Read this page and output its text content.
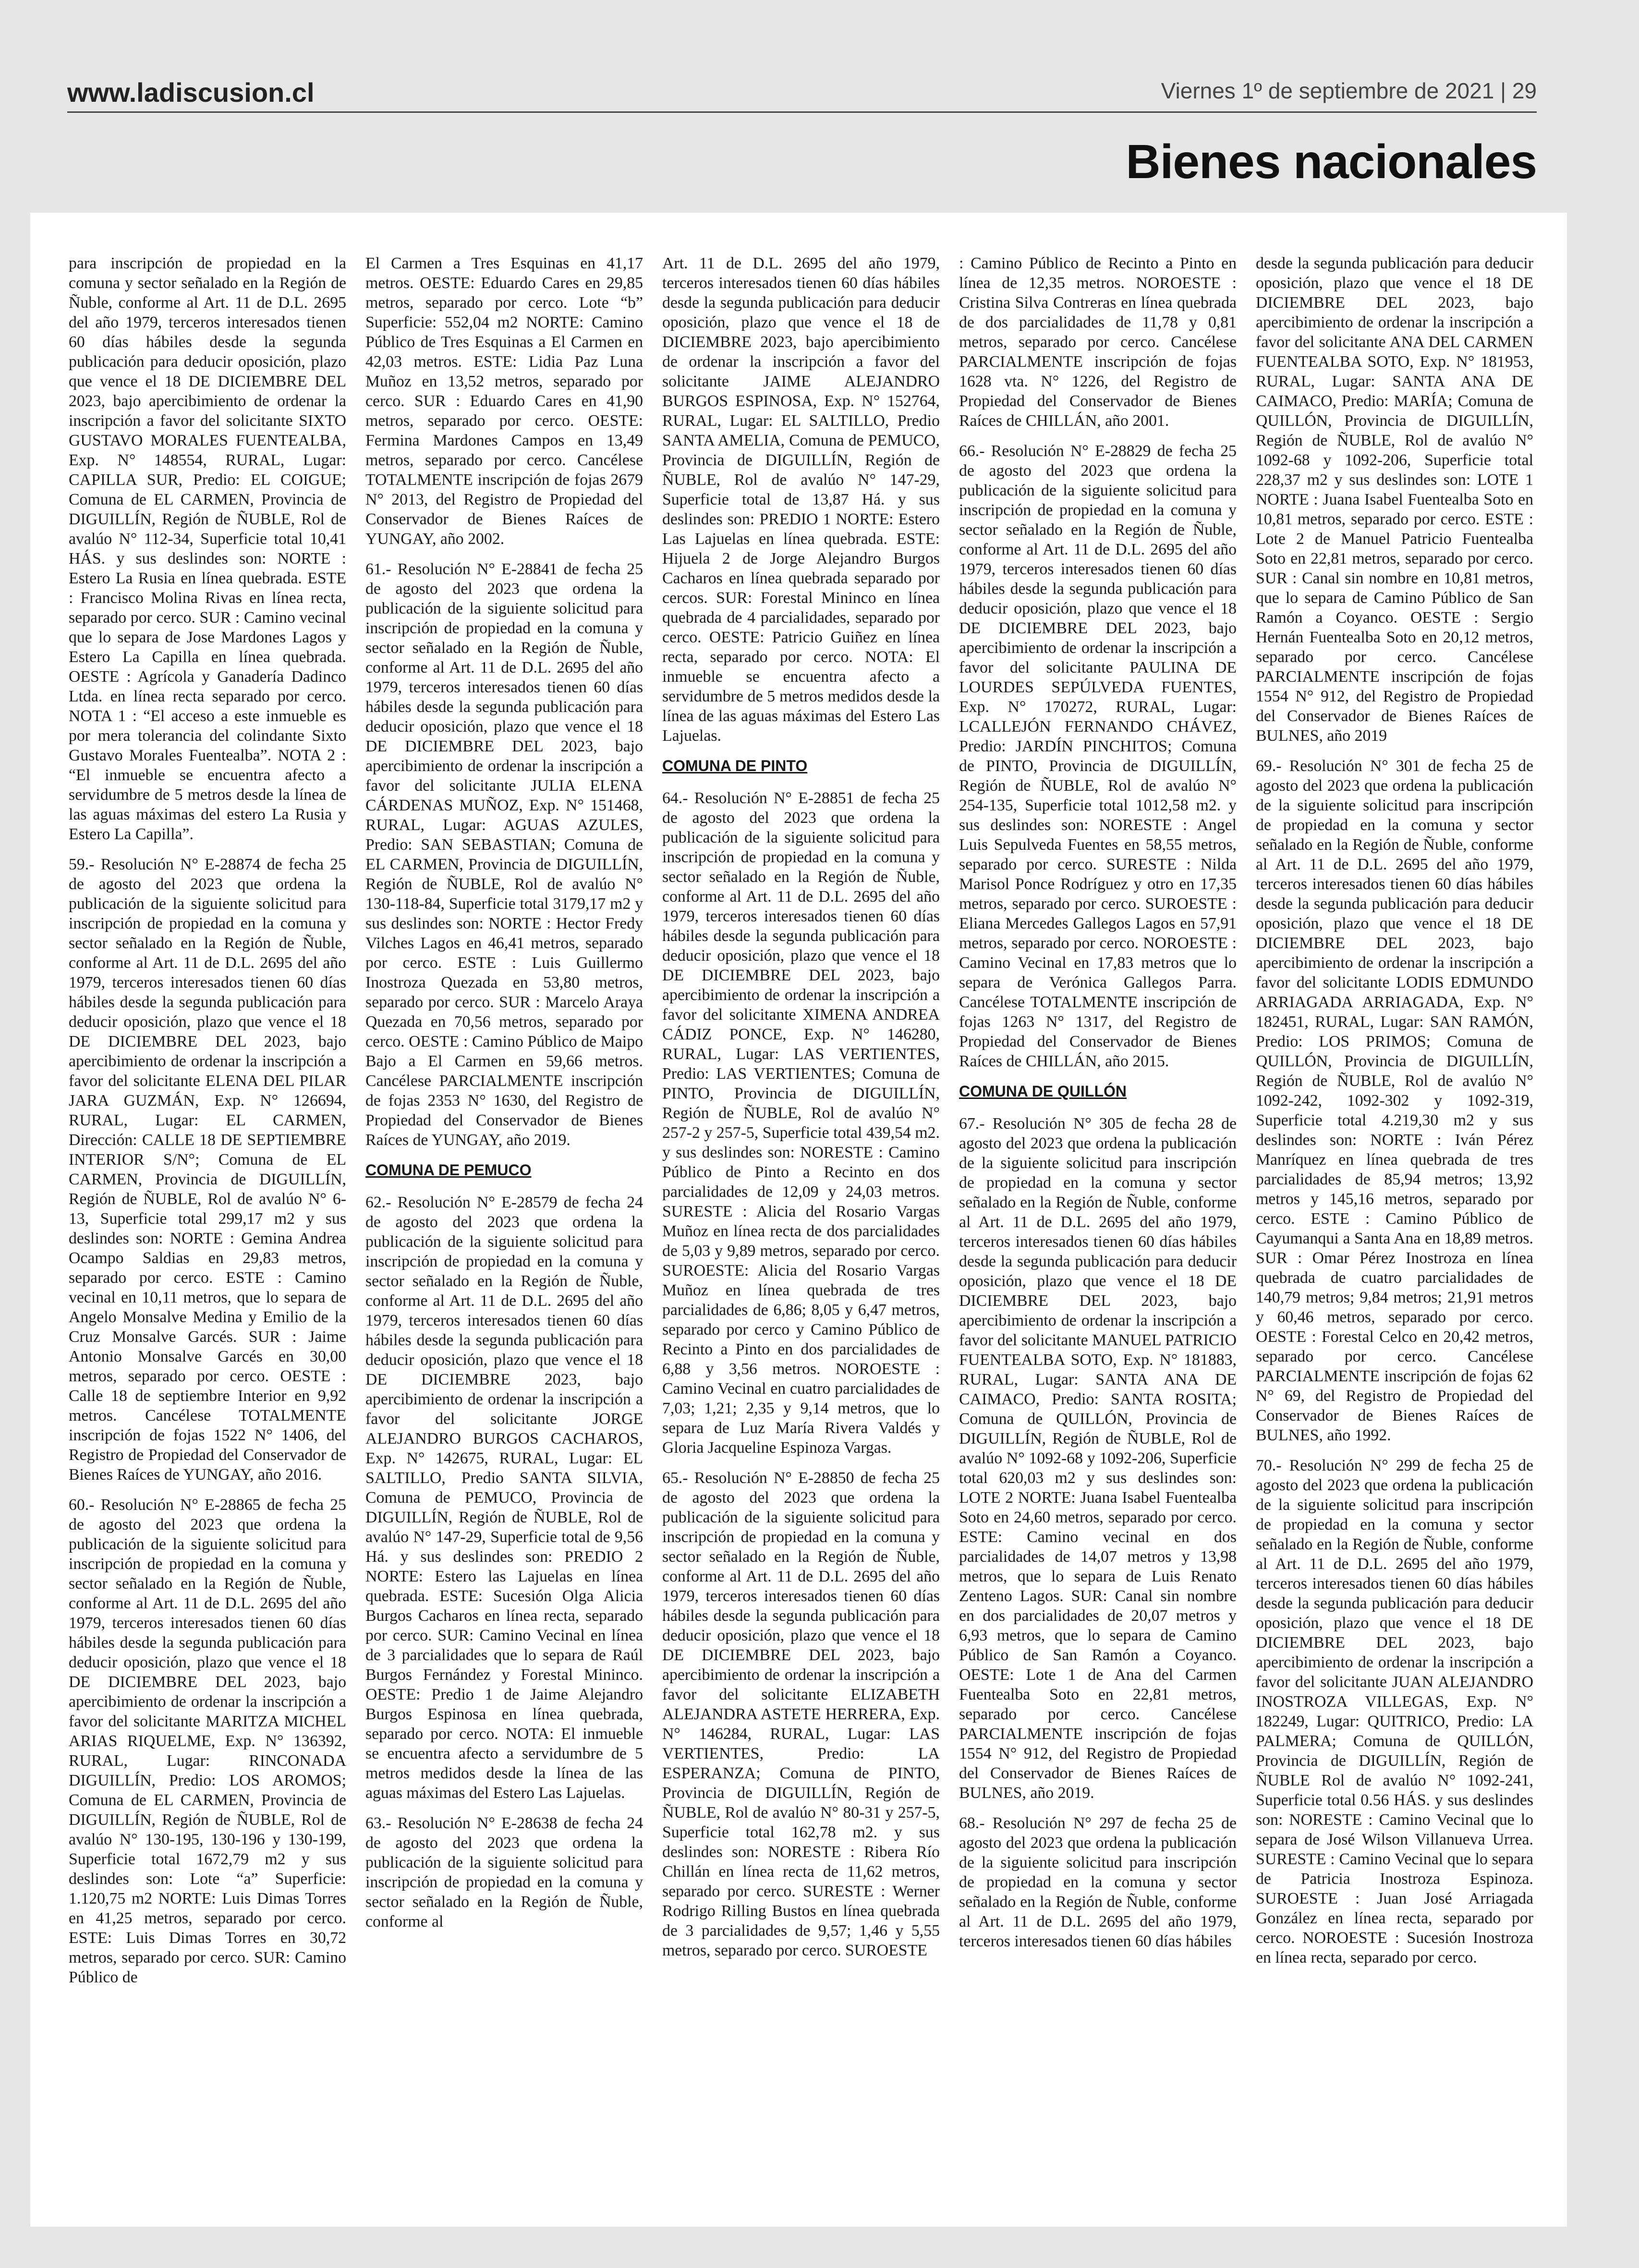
www.ladiscusion.cl	Viernes 1º de septiembre de 2021 | 29
Bienes nacionales

para inscripción de propiedad en la comuna y sector señalado en la Región de Ñuble, conforme al Art. 11 de D.L. 2695 del año 1979, terceros interesados tienen 60 días hábiles desde la segunda publicación para deducir oposición, plazo que vence el 18 DE DICIEMBRE DEL 2023, bajo apercibimiento de ordenar la inscripción a favor del solicitante SIXTO GUSTAVO MORALES FUENTEALBA, Exp. N° 148554, RURAL, Lugar: CAPILLA SUR, Predio: EL COIGUE; Comuna de EL CARMEN, Provincia de DIGUILLÍN, Región de ÑUBLE, Rol de avalúo N° 112-34, Superficie total 10,41 HÁS. y sus deslindes son: NORTE : Estero La Rusia en línea quebrada. ESTE : Francisco Molina Rivas en línea recta, separado por cerco. SUR : Camino vecinal que lo separa de Jose Mardones Lagos y Estero La Capilla en línea quebrada. OESTE : Agrícola y Ganadería Dadinco Ltda. en línea recta separado por cerco. NOTA 1 : “El acceso a este inmueble es por mera tolerancia del colindante Sixto Gustavo Morales Fuentealba”. NOTA 2 : “El inmueble se encuentra afecto a servidumbre de 5 metros desde la línea de las aguas máximas del estero La Rusia y Estero La Capilla”.

59.- Resolución N° E-28874 de fecha 25 de agosto del 2023 que ordena la publicación de la siguiente solicitud para inscripción de propiedad en la comuna y sector señalado en la Región de Ñuble, conforme al Art. 11 de D.L. 2695 del año 1979, terceros interesados tienen 60 días hábiles desde la segunda publicación para deducir oposición, plazo que vence el 18 DE DICIEMBRE DEL 2023, bajo apercibimiento de ordenar la inscripción a favor del solicitante ELENA DEL PILAR JARA GUZMÁN, Exp. N° 126694, RURAL, Lugar: EL CARMEN, Dirección: CALLE 18 DE SEPTIEMBRE INTERIOR S/N°; Comuna de EL CARMEN, Provincia de DIGUILLÍN, Región de ÑUBLE, Rol de avalúo N° 6-13, Superficie total 299,17 m2 y sus deslindes son: NORTE : Gemina Andrea Ocampo Saldias en 29,83 metros, separado por cerco. ESTE : Camino vecinal en 10,11 metros, que lo separa de Angelo Monsalve Medina y Emilio de la Cruz Monsalve Garcés. SUR : Jaime Antonio Monsalve Garcés en 30,00 metros, separado por cerco. OESTE : Calle 18 de septiembre Interior en 9,92 metros. Cancélese TOTALMENTE inscripción de fojas 1522 N° 1406, del Registro de Propiedad del Conservador de Bienes Raíces de YUNGAY, año 2016.

60.- Resolución N° E-28865 de fecha 25 de agosto del 2023 que ordena la publicación de la siguiente solicitud para inscripción de propiedad en la comuna y sector señalado en la Región de Ñuble, conforme al Art. 11 de D.L. 2695 del año 1979, terceros interesados tienen 60 días hábiles desde la segunda publicación para deducir oposición, plazo que vence el 18 DE DICIEMBRE DEL 2023, bajo apercibimiento de ordenar la inscripción a favor del solicitante MARITZA MICHEL ARIAS RIQUELME, Exp. N° 136392, RURAL, Lugar: RINCONADA DIGUILLÍN, Predio: LOS AROMOS; Comuna de EL CARMEN, Provincia de DIGUILLÍN, Región de ÑUBLE, Rol de avalúo N° 130-195, 130-196 y 130-199, Superficie total 1672,79 m2 y sus deslindes son: Lote “a” Superficie: 1.120,75 m2 NORTE: Luis Dimas Torres en 41,25 metros, separado por cerco. ESTE: Luis Dimas Torres en 30,72 metros, separado por cerco. SUR: Camino Público de

El Carmen a Tres Esquinas en 41,17 metros. OESTE: Eduardo Cares en 29,85 metros, separado por cerco. Lote “b” Superficie: 552,04 m2 NORTE: Camino Público de Tres Esquinas a El Carmen en 42,03 metros. ESTE: Lidia Paz Luna Muñoz en 13,52 metros, separado por cerco. SUR : Eduardo Cares en 41,90 metros, separado por cerco. OESTE: Fermina Mardones Campos en 13,49 metros, separado por cerco. Cancélese TOTALMENTE inscripción de fojas 2679 N° 2013, del Registro de Propiedad del Conservador de Bienes Raíces de YUNGAY, año 2002.

61.- Resolución N° E-28841 de fecha 25 de agosto del 2023 que ordena la publicación de la siguiente solicitud para inscripción de propiedad en la comuna y sector señalado en la Región de Ñuble, conforme al Art. 11 de D.L. 2695 del año 1979, terceros interesados tienen 60 días hábiles desde la segunda publicación para deducir oposición, plazo que vence el 18 DE DICIEMBRE DEL 2023, bajo apercibimiento de ordenar la inscripción a favor del solicitante JULIA ELENA CÁRDENAS MUÑOZ, Exp. N° 151468, RURAL, Lugar: AGUAS AZULES, Predio: SAN SEBASTIAN; Comuna de EL CARMEN, Provincia de DIGUILLÍN, Región de ÑUBLE, Rol de avalúo N° 130-118-84, Superficie total 3179,17 m2 y sus deslindes son: NORTE : Hector Fredy Vilches Lagos en 46,41 metros, separado por cerco. ESTE : Luis Guillermo Inostroza Quezada en 53,80 metros, separado por cerco. SUR : Marcelo Araya Quezada en 70,56 metros, separado por cerco. OESTE : Camino Público de Maipo Bajo a El Carmen en 59,66 metros. Cancélese PARCIALMENTE inscripción de fojas 2353 N° 1630, del Registro de Propiedad del Conservador de Bienes Raíces de YUNGAY, año 2019.

COMUNA DE PEMUCO

62.- Resolución N° E-28579 de fecha 24 de agosto del 2023 que ordena la publicación de la siguiente solicitud para inscripción de propiedad en la comuna y sector señalado en la Región de Ñuble, conforme al Art. 11 de D.L. 2695 del año 1979, terceros interesados tienen 60 días hábiles desde la segunda publicación para deducir oposición, plazo que vence el 18 DE DICIEMBRE 2023, bajo apercibimiento de ordenar la inscripción a favor del solicitante JORGE ALEJANDRO BURGOS CACHAROS, Exp. N° 142675, RURAL, Lugar: EL SALTILLO, Predio SANTA SILVIA, Comuna de PEMUCO, Provincia de DIGUILLÍN, Región de ÑUBLE, Rol de avalúo N° 147-29, Superficie total de 9,56 Há. y sus deslindes son: PREDIO 2 NORTE: Estero las Lajuelas en línea quebrada. ESTE: Sucesión Olga Alicia Burgos Cacharos en línea recta, separado por cerco. SUR: Camino Vecinal en línea de 3 parcialidades que lo separa de Raúl Burgos Fernández y Forestal Mininco. OESTE: Predio 1 de Jaime Alejandro Burgos Espinosa en línea quebrada, separado por cerco. NOTA: El inmueble se encuentra afecto a servidumbre de 5 metros medidos desde la línea de las aguas máximas del Estero Las Lajuelas.

63.- Resolución N° E-28638 de fecha 24 de agosto del 2023 que ordena la publicación de la siguiente solicitud para inscripción de propiedad en la comuna y sector señalado en la Región de Ñuble, conforme al

Art. 11 de D.L. 2695 del año 1979, terceros interesados tienen 60 días hábiles desde la segunda publicación para deducir oposición, plazo que vence el 18 de DICIEMBRE 2023, bajo apercibimiento de ordenar la inscripción a favor del solicitante JAIME ALEJANDRO BURGOS ESPINOSA, Exp. N° 152764, RURAL, Lugar: EL SALTILLO, Predio SANTA AMELIA, Comuna de PEMUCO, Provincia de DIGUILLÍN, Región de ÑUBLE, Rol de avalúo N° 147-29, Superficie total de 13,87 Há. y sus deslindes son: PREDIO 1 NORTE: Estero Las Lajuelas en línea quebrada. ESTE: Hijuela 2 de Jorge Alejandro Burgos Cacharos en línea quebrada separado por cercos. SUR: Forestal Mininco en línea quebrada de 4 parcialidades, separado por cerco. OESTE: Patricio Guiñez en línea recta, separado por cerco. NOTA: El inmueble se encuentra afecto a servidumbre de 5 metros medidos desde la línea de las aguas máximas del Estero Las Lajuelas.

COMUNA DE PINTO

64.- Resolución N° E-28851 de fecha 25 de agosto del 2023 que ordena la publicación de la siguiente solicitud para inscripción de propiedad en la comuna y sector señalado en la Región de Ñuble, conforme al Art. 11 de D.L. 2695 del año 1979, terceros interesados tienen 60 días hábiles desde la segunda publicación para deducir oposición, plazo que vence el 18 DE DICIEMBRE DEL 2023, bajo apercibimiento de ordenar la inscripción a favor del solicitante XIMENA ANDREA CÁDIZ PONCE, Exp. N° 146280, RURAL, Lugar: LAS VERTIENTES, Predio: LAS VERTIENTES; Comuna de PINTO, Provincia de DIGUILLÍN, Región de ÑUBLE, Rol de avalúo N° 257-2 y 257-5, Superficie total 439,54 m2. y sus deslindes son: NORESTE : Camino Público de Pinto a Recinto en dos parcialidades de 12,09 y 24,03 metros. SURESTE : Alicia del Rosario Vargas Muñoz en línea recta de dos parcialidades de 5,03 y 9,89 metros, separado por cerco. SUROESTE: Alicia del Rosario Vargas Muñoz en línea quebrada de tres parcialidades de 6,86; 8,05 y 6,47 metros, separado por cerco y Camino Público de Recinto a Pinto en dos parcialidades de 6,88 y 3,56 metros. NOROESTE : Camino Vecinal en cuatro parcialidades de 7,03; 1,21; 2,35 y 9,14 metros, que lo separa de Luz María Rivera Valdés y Gloria Jacqueline Espinoza Vargas.

65.- Resolución N° E-28850 de fecha 25 de agosto del 2023 que ordena la publicación de la siguiente solicitud para inscripción de propiedad en la comuna y sector señalado en la Región de Ñuble, conforme al Art. 11 de D.L. 2695 del año 1979, terceros interesados tienen 60 días hábiles desde la segunda publicación para deducir oposición, plazo que vence el 18 DE DICIEMBRE DEL 2023, bajo apercibimiento de ordenar la inscripción a favor del solicitante ELIZABETH ALEJANDRA ASTETE HERRERA, Exp. N° 146284, RURAL, Lugar: LAS VERTIENTES, Predio: LA ESPERANZA; Comuna de PINTO, Provincia de DIGUILLÍN, Región de ÑUBLE, Rol de avalúo N° 80-31 y 257-5, Superficie total 162,78 m2. y sus deslindes son: NORESTE : Ribera Río Chillán en línea recta de 11,62 metros, separado por cerco. SURESTE : Werner Rodrigo Rilling Bustos en línea quebrada de 3 parcialidades de 9,57; 1,46 y 5,55 metros, separado por cerco. SUROESTE

: Camino Público de Recinto a Pinto en línea de 12,35 metros. NOROESTE : Cristina Silva Contreras en línea quebrada de dos parcialidades de 11,78 y 0,81 metros, separado por cerco. Cancélese PARCIALMENTE inscripción de fojas 1628 vta. N° 1226, del Registro de Propiedad del Conservador de Bienes Raíces de CHILLÁN, año 2001.

66.- Resolución N° E-28829 de fecha 25 de agosto del 2023 que ordena la publicación de la siguiente solicitud para inscripción de propiedad en la comuna y sector señalado en la Región de Ñuble, conforme al Art. 11 de D.L. 2695 del año 1979, terceros interesados tienen 60 días hábiles desde la segunda publicación para deducir oposición, plazo que vence el 18 DE DICIEMBRE DEL 2023, bajo apercibimiento de ordenar la inscripción a favor del solicitante PAULINA DE LOURDES SEPÚLVEDA FUENTES, Exp. N° 170272, RURAL, Lugar: LCALLEJÓN FERNANDO CHÁVEZ, Predio: JARDÍN PINCHITOS; Comuna de PINTO, Provincia de DIGUILLÍN, Región de ÑUBLE, Rol de avalúo N° 254-135, Superficie total 1012,58 m2. y sus deslindes son: NORESTE : Angel Luis Sepulveda Fuentes en 58,55 metros, separado por cerco. SURESTE : Nilda Marisol Ponce Rodríguez y otro en 17,35 metros, separado por cerco. SUROESTE : Eliana Mercedes Gallegos Lagos en 57,91 metros, separado por cerco. NOROESTE : Camino Vecinal en 17,83 metros que lo separa de Verónica Gallegos Parra. Cancélese TOTALMENTE inscripción de fojas 1263 N° 1317, del Registro de Propiedad del Conservador de Bienes Raíces de CHILLÁN, año 2015.

COMUNA DE QUILLÓN

67.- Resolución N° 305 de fecha 28 de agosto del 2023 que ordena la publicación de la siguiente solicitud para inscripción de propiedad en la comuna y sector señalado en la Región de Ñuble, conforme al Art. 11 de D.L. 2695 del año 1979, terceros interesados tienen 60 días hábiles desde la segunda publicación para deducir oposición, plazo que vence el 18 DE DICIEMBRE DEL 2023, bajo apercibimiento de ordenar la inscripción a favor del solicitante MANUEL PATRICIO FUENTEALBA SOTO, Exp. N° 181883, RURAL, Lugar: SANTA ANA DE CAIMACO, Predio: SANTA ROSITA; Comuna de QUILLÓN, Provincia de DIGUILLÍN, Región de ÑUBLE, Rol de avalúo N° 1092-68 y 1092-206, Superficie total 620,03 m2 y sus deslindes son: LOTE 2 NORTE: Juana Isabel Fuentealba Soto en 24,60 metros, separado por cerco. ESTE: Camino vecinal en dos parcialidades de 14,07 metros y 13,98 metros, que lo separa de Luis Renato Zenteno Lagos. SUR: Canal sin nombre en dos parcialidades de 20,07 metros y 6,93 metros, que lo separa de Camino Público de San Ramón a Coyanco. OESTE: Lote 1 de Ana del Carmen Fuentealba Soto en 22,81 metros, separado por cerco. Cancélese PARCIALMENTE inscripción de fojas 1554 N° 912, del Registro de Propiedad del Conservador de Bienes Raíces de BULNES, año 2019.

68.- Resolución N° 297 de fecha 25 de agosto del 2023 que ordena la publicación de la siguiente solicitud para inscripción de propiedad en la comuna y sector señalado en la Región de Ñuble, conforme al Art. 11 de D.L. 2695 del año 1979, terceros interesados tienen 60 días hábiles

desde la segunda publicación para deducir oposición, plazo que vence el 18 DE DICIEMBRE DEL 2023, bajo apercibimiento de ordenar la inscripción a favor del solicitante ANA DEL CARMEN FUENTEALBA SOTO, Exp. N° 181953, RURAL, Lugar: SANTA ANA DE CAIMACO, Predio: MARÍA; Comuna de QUILLÓN, Provincia de DIGUILLÍN, Región de ÑUBLE, Rol de avalúo N° 1092-68 y 1092-206, Superficie total 228,37 m2 y sus deslindes son: LOTE 1 NORTE : Juana Isabel Fuentealba Soto en 10,81 metros, separado por cerco. ESTE : Lote 2 de Manuel Patricio Fuentealba Soto en 22,81 metros, separado por cerco. SUR : Canal sin nombre en 10,81 metros, que lo separa de Camino Público de San Ramón a Coyanco. OESTE : Sergio Hernán Fuentealba Soto en 20,12 metros, separado por cerco. Cancélese PARCIALMENTE inscripción de fojas 1554 N° 912, del Registro de Propiedad del Conservador de Bienes Raíces de BULNES, año 2019

69.- Resolución N° 301 de fecha 25 de agosto del 2023 que ordena la publicación de la siguiente solicitud para inscripción de propiedad en la comuna y sector señalado en la Región de Ñuble, conforme al Art. 11 de D.L. 2695 del año 1979, terceros interesados tienen 60 días hábiles desde la segunda publicación para deducir oposición, plazo que vence el 18 DE DICIEMBRE DEL 2023, bajo apercibimiento de ordenar la inscripción a favor del solicitante LODIS EDMUNDO ARRIAGADA ARRIAGADA, Exp. N° 182451, RURAL, Lugar: SAN RAMÓN, Predio: LOS PRIMOS; Comuna de QUILLÓN, Provincia de DIGUILLÍN, Región de ÑUBLE, Rol de avalúo N° 1092-242, 1092-302 y 1092-319, Superficie total 4.219,30 m2 y sus deslindes son: NORTE : Iván Pérez Manríquez en línea quebrada de tres parcialidades de 85,94 metros; 13,92 metros y 145,16 metros, separado por cerco. ESTE : Camino Público de Cayumanqui a Santa Ana en 18,89 metros. SUR : Omar Pérez Inostroza en línea quebrada de cuatro parcialidades de 140,79 metros; 9,84 metros; 21,91 metros y 60,46 metros, separado por cerco. OESTE : Forestal Celco en 20,42 metros, separado por cerco. Cancélese PARCIALMENTE inscripción de fojas 62 N° 69, del Registro de Propiedad del Conservador de Bienes Raíces de BULNES, año 1992.

70.- Resolución N° 299 de fecha 25 de agosto del 2023 que ordena la publicación de la siguiente solicitud para inscripción de propiedad en la comuna y sector señalado en la Región de Ñuble, conforme al Art. 11 de D.L. 2695 del año 1979, terceros interesados tienen 60 días hábiles desde la segunda publicación para deducir oposición, plazo que vence el 18 DE DICIEMBRE DEL 2023, bajo apercibimiento de ordenar la inscripción a favor del solicitante JUAN ALEJANDRO INOSTROZA VILLEGAS, Exp. N° 182249, Lugar: QUITRICO, Predio: LA PALMERA; Comuna de QUILLÓN, Provincia de DIGUILLÍN, Región de ÑUBLE Rol de avalúo N° 1092-241, Superficie total 0.56 HÁS. y sus deslindes son: NORESTE : Camino Vecinal que lo separa de José Wilson Villanueva Urrea. SURESTE : Camino Vecinal que lo separa de Patricia Inostroza Espinoza. SUROESTE : Juan José Arriagada González en línea recta, separado por cerco. NOROESTE : Sucesión Inostroza en línea recta, separado por cerco.
